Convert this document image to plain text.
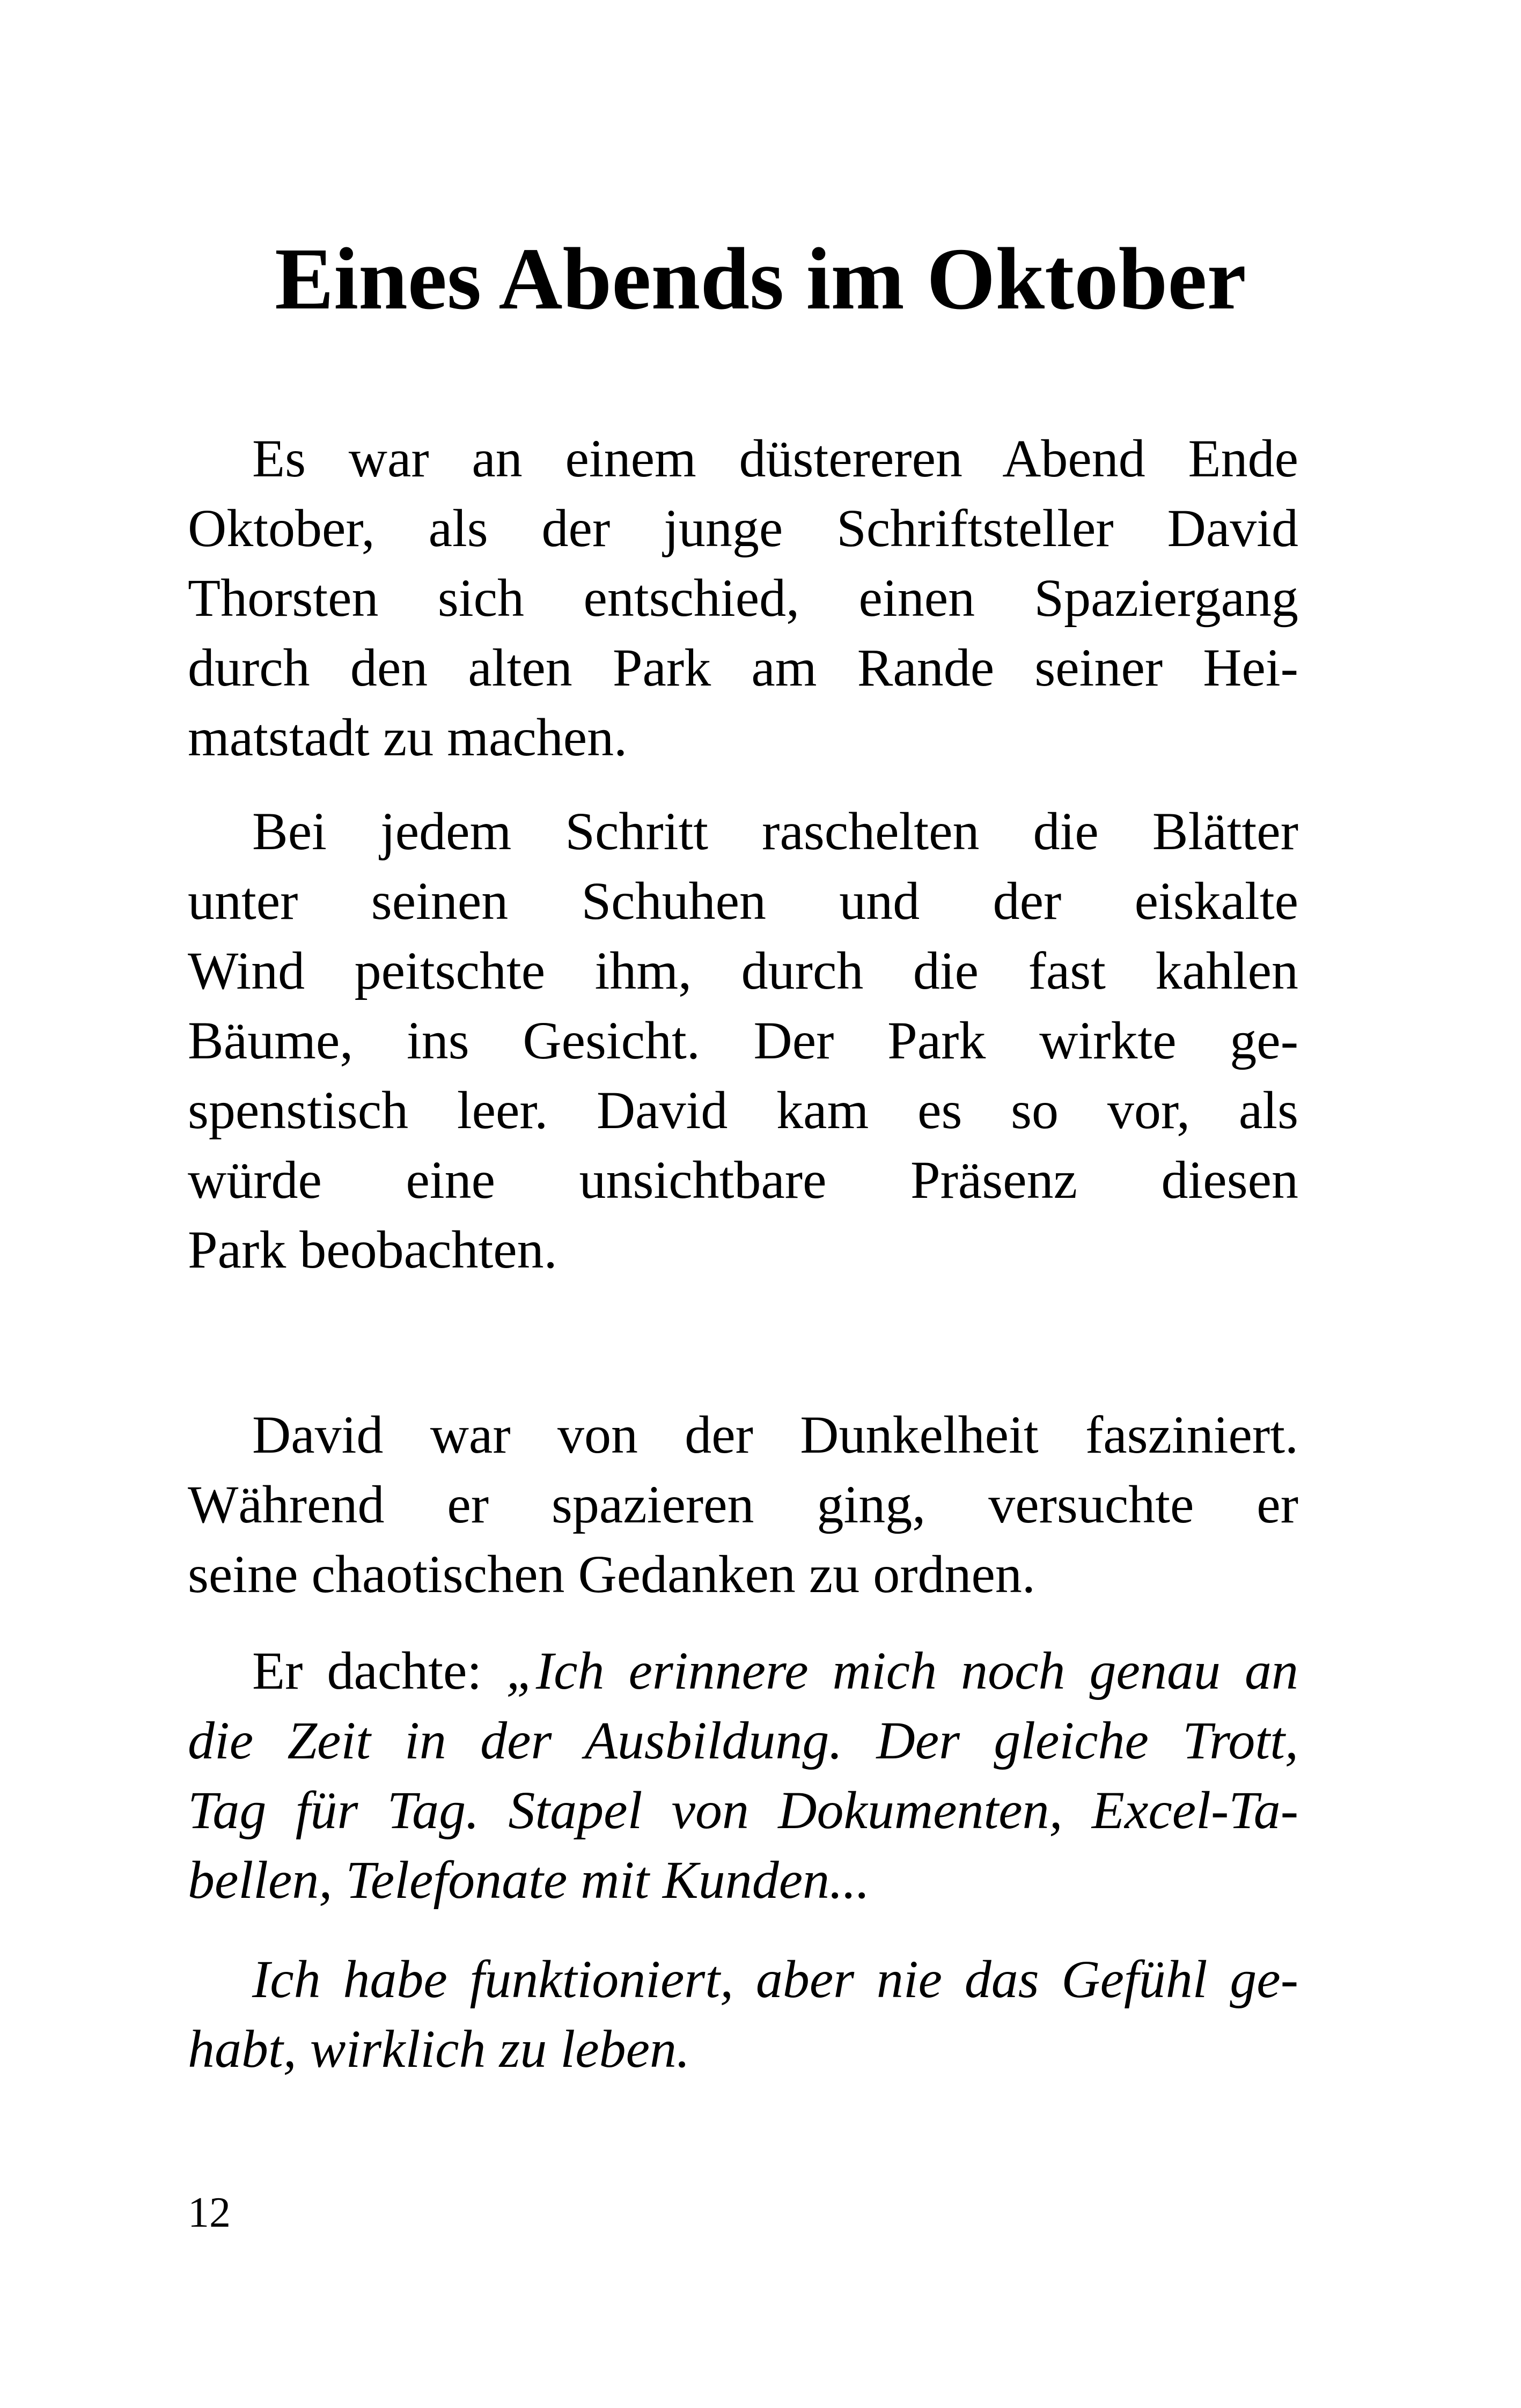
Eines Abends im Oktober
Es war an einem düstereren Abend Ende
Oktober, als der junge Schriftsteller David
Thorsten sich entschied, einen Spaziergang
durch den alten Park am Rande seiner Hei-
matstadt zu machen.
Bei jedem Schritt raschelten die Blätter
unter seinen Schuhen und der eiskalte
Wind peitschte ihm, durch die fast kahlen
Bäume, ins Gesicht. Der Park wirkte ge-
spenstisch leer. David kam es so vor, als
würde eine unsichtbare Präsenz diesen
Park beobachten.
David war von der Dunkelheit fasziniert.
Während er spazieren ging, versuchte er
seine chaotischen Gedanken zu ordnen.
Er dachte: „Ich erinnere mich noch genau an
die Zeit in der Ausbildung. Der gleiche Trott,
Tag für Tag. Stapel von Dokumenten, Excel-Ta-
bellen, Telefonate mit Kunden...
Ich habe funktioniert, aber nie das Gefühl ge-
habt, wirklich zu leben.
12
